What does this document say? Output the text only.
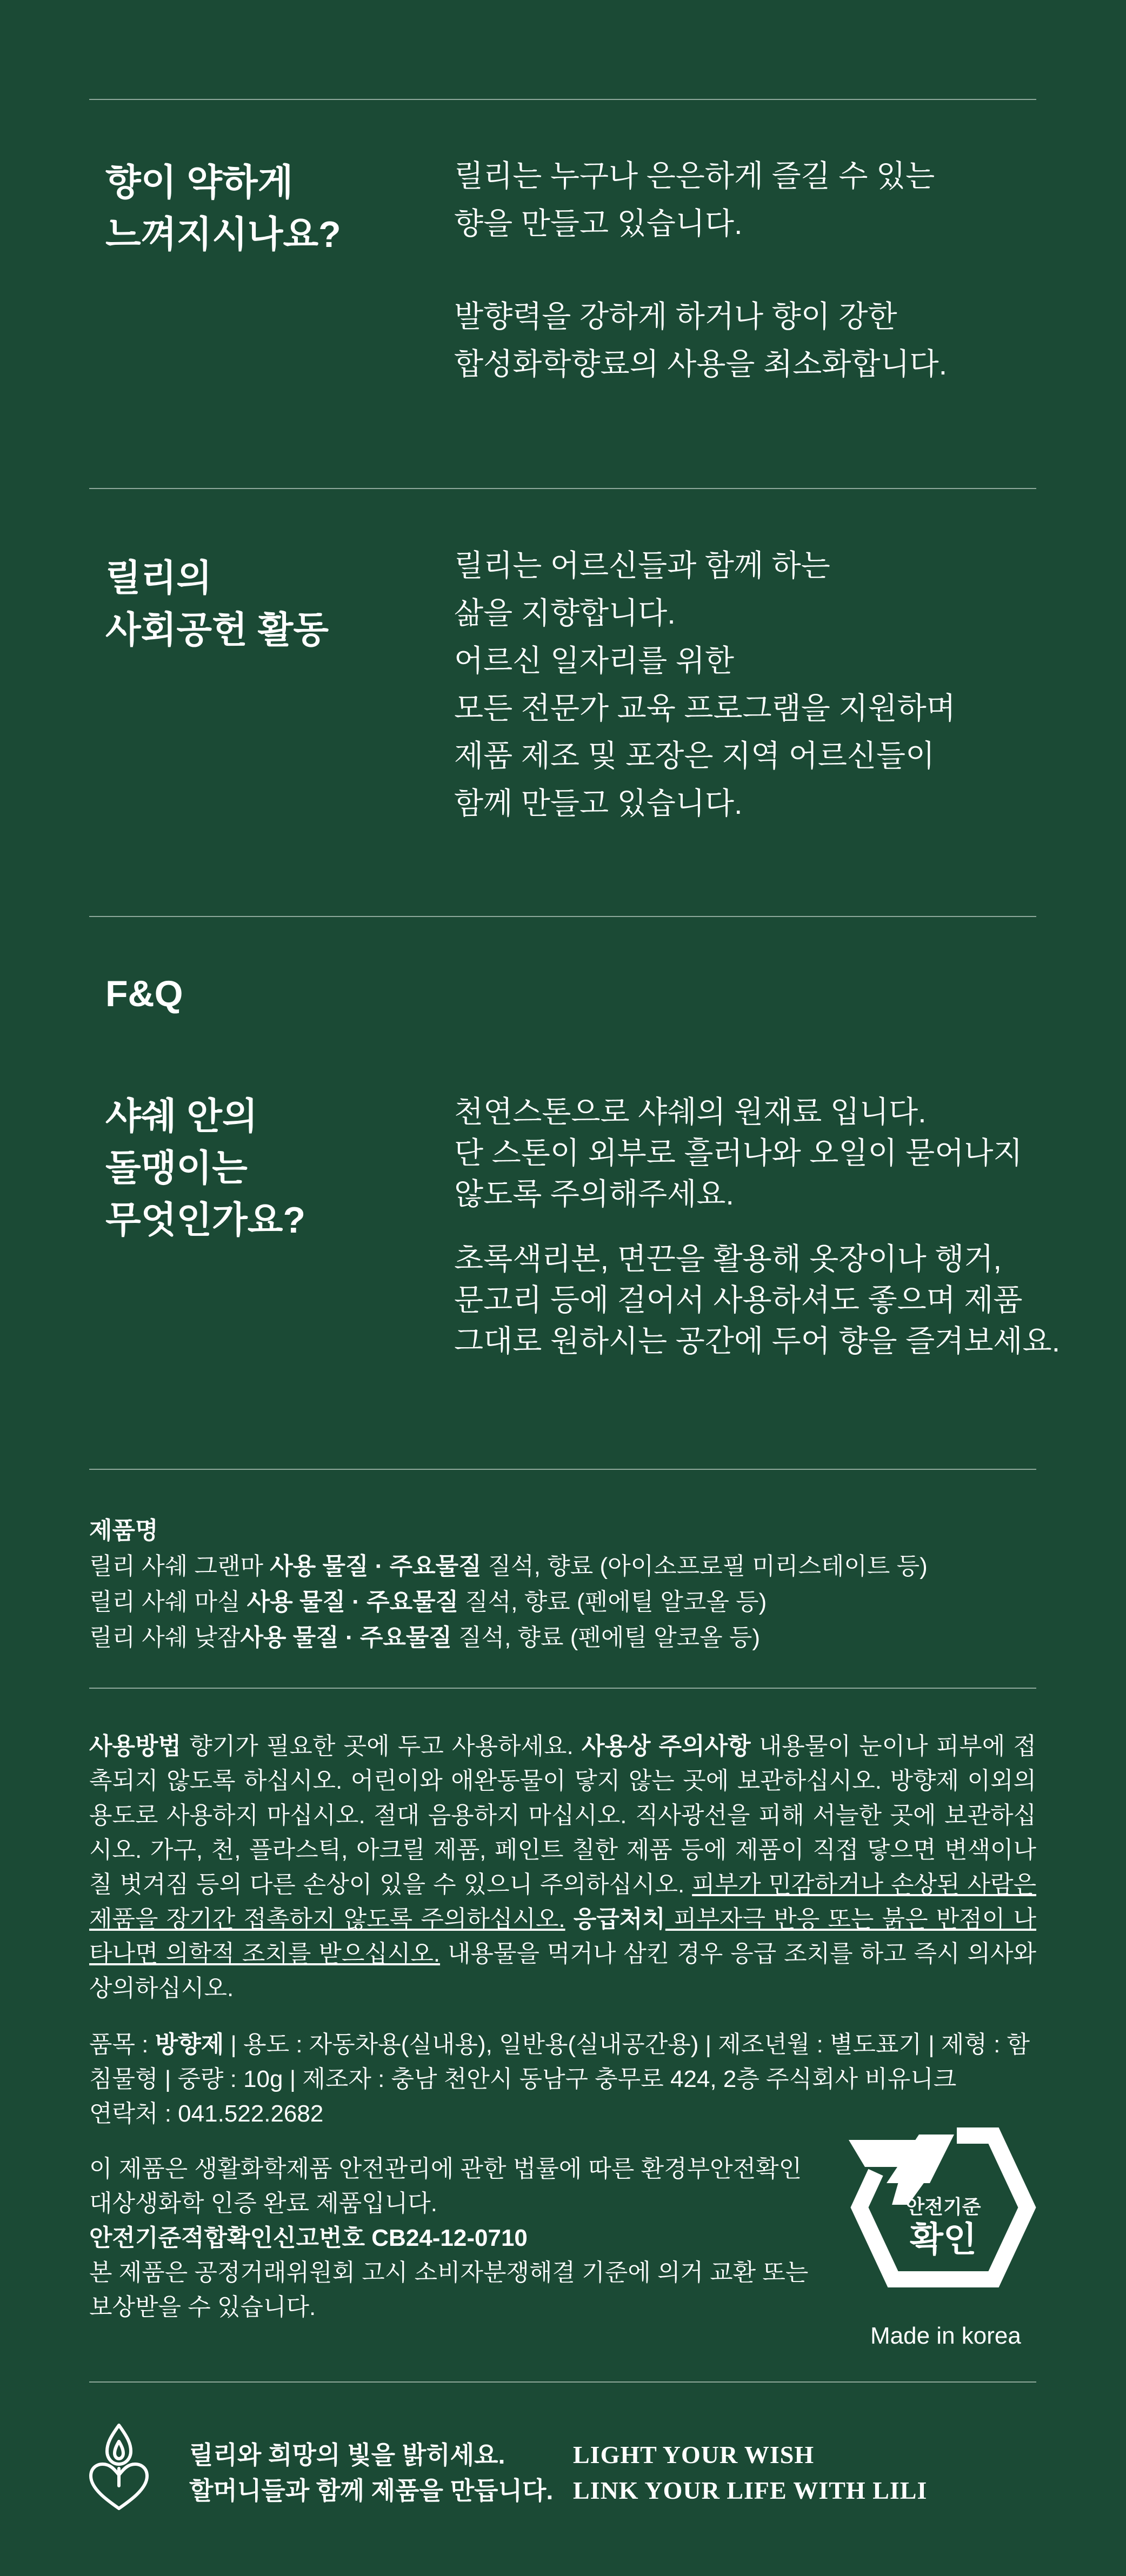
향이 약하게
느껴지시나요?

릴리는 누구나 은은하게 즐길 수 있는

향을 만들고 있습니다.

발향력을 강하게 하거나 향이 강한

합성화학향료의 사용을 최소화합니다.

릴리의
사회공헌 활동

릴리는 어르신들과 함께 하는

삶을 지향합니다.

어르신 일자리를 위한

모든 전문가 교육 프로그램을 지원하며

제품 제조 및 포장은 지역 어르신들이

함께 만들고 있습니다.

F&Q
샤쉐 안의
돌맹이는
무엇인가요?

천연스톤으로 샤쉐의 원재료 입니다.

단 스톤이 외부로 흘러나와 오일이 묻어나지

않도록 주의해주세요.

초록색리본, 면끈을 활용해 옷장이나 행거,

문고리 등에 걸어서 사용하셔도 좋으며 제품

그대로 원하시는 공간에 두어 향을 즐겨보세요.

제품명
릴리 사쉐 그랜마 사용 물질 · 주요물질 질석, 향료 (아이소프로필 미리스테이트 등)
릴리 사쉐 마실 사용 물질 · 주요물질 질석, 향료 (펜에틸 알코올 등)
릴리 사쉐 낮잠사용 물질 · 주요물질 질석, 향료 (펜에틸 알코올 등)
사용방법 향기가 필요한 곳에 두고 사용하세요. 사용상 주의사항 내용물이 눈이나 피부에 접촉되지 않도록 하십시오. 어린이와 애완동물이 닿지 않는 곳에 보관하십시오. 방향제 이외의 용도로 사용하지 마십시오. 절대 음용하지 마십시오. 직사광선을 피해 서늘한 곳에 보관하십시오. 가구, 천, 플라스틱, 아크릴 제품, 페인트 칠한 제품 등에 제품이 직접 닿으면 변색이나 칠 벗겨짐 등의 다른 손상이 있을 수 있으니 주의하십시오. 피부가 민감하거나 손상된 사람은 제품을 장기간 접촉하지 않도록 주의하십시오. 응급처치 피부자극 반응 또는 붉은 반점이 나타나면 의학적 조치를 받으십시오. 내용물을 먹거나 삼킨 경우 응급 조치를 하고 즉시 의사와 상의하십시오.
품목 : 방향제 | 용도 : 자동차용(실내용), 일반용(실내공간용) | 제조년월 : 별도표기 | 제형 : 함침물형 | 중량 : 10g | 제조자 : 충남 천안시 동남구 충무로 424, 2층 주식회사 비유니크
연락처 : 041.522.2682
이 제품은 생활화학제품 안전관리에 관한 법률에 따른 환경부안전확인
대상생화학 인증 완료 제품입니다.
안전기준적합확인신고번호 CB24-12-0710
본 제품은 공정거래위원회 고시 소비자분쟁해결 기준에 의거 교환 또는
보상받을 수 있습니다.
안전기준
확인
Made in korea
릴리와 희망의 빛을 밝히세요.
할머니들과 함께 제품을 만듭니다.
LIGHT YOUR WISH
LINK YOUR LIFE WITH LILI
